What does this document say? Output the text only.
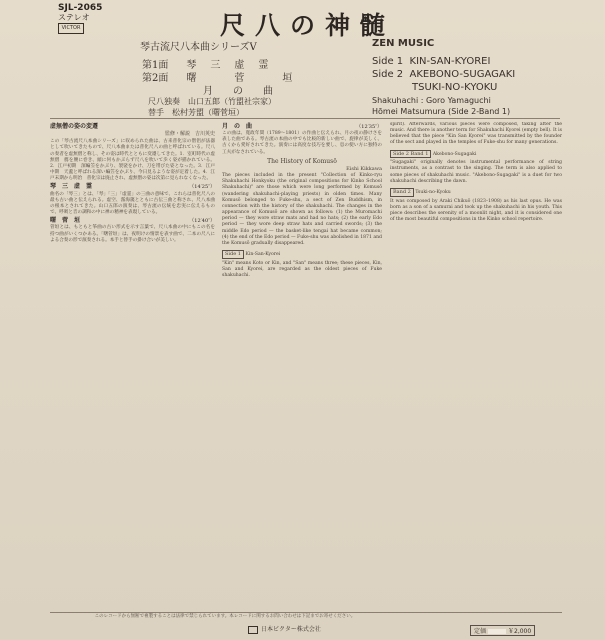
SJL-2065
ステレオ
VICTOR	尺八の神髄
琴古流尺八本曲シリーズV	ZEN MUSIC
第1面 琴　三　虚　霊
第2面 曙　　　菅　　　垣
月　　の　　曲
Side 1 KIN-SAN-KYOREI
Side 2 AKEBONO-SUGAGAKI
TSUKI-NO-KYOKU
尺八独奏　山口五郎（竹盟社宗家）
替手　松村芳盟（曙菅垣）
Shakuhachi : Goro Yamaguchi
Hōmei Matsumura (Side 2-Band 1)
虚無僧の姿の変遷
監修・解説　吉川英史

この「琴古流尺八本曲シリーズ」に収められた曲は、古来普化宗の僧侶が法器として吹いてきたもので、尺八本曲または普化尺八の曲と呼ばれている。尺八の奏者を虚無僧と称し、その姿は時代とともに変遷してきた。1．室町時代の虚無僧　薦を腰に巻き、頭に何もかぶらず尺八を吹いて歩く姿が描かれている。2．江戸初期　深編笠をかぶり、袈裟をかけ、刀を帯びた姿となった。3．江戸中期　天蓋と呼ばれる深い編笠をかぶり、今日見るような姿が定着した。4．江戸末期から明治　普化宗は廃止され、虚無僧の姿は次第に見られなくなった。

琴　三　虚　霊	（14′25″）

曲名の「琴三」とは、「琴」「三」「虚霊」の三曲の意味で、これらは普化尺八の最も古い曲と伝えられる。虚空、霧海篪とともに古伝三曲と称され、尺八本曲の根本とされてきた。山口五郎の演奏は、琴古流の伝統を忠実に伝えるもので、呼吸と音の調和の中に禅の精神を表現している。

曙　菅　垣	（12′40″）

菅垣とは、もともと筝曲の古い形式を示す言葉で、尺八本曲の中にもこの名を持つ曲がいくつかある。「曙菅垣」は、夜明けの情景を表す曲で、二本の尺八による合奏の形で演奏される。本手と替手の掛け合いが美しい。

月　の　曲	（12′35″）

この曲は、寛政年間（1789〜1801）の作曲と伝えられ、月の夜の静けさを表した曲である。琴古流の本曲の中でも比較的新しい曲で、旋律が美しく、古くから愛好されてきた。演奏には高度な技巧を要し、息の使い方に独特の工夫がなされている。

The History of Komusō
Eishi Kikkawa

The pieces included in the present "Collection of Kinko-ryu Shakuhachi Honkyoku (the original compositions for Kinko School Shakuhachi)" are those which were long performed by Komusō (wandering shakuhachi-playing priests) in olden times. Many Komusō belonged to Fuke-shu, a sect of Zen Buddhism, in connection with the history of the shakuhachi. The changes in the appearance of Komusō are shown as follows: (1) the Muromachi period — they wore straw mats and had no hats; (2) the early Edo period — they wore deep straw hats and carried swords; (3) the middle Edo period — the basket-like tengai hat became common; (4) the end of the Edo period — Fuke-shu was abolished in 1871 and the Komusō gradually disappeared.

Side 1 Kin-San-Kyorei

"Kin" means Koto or Kin, and "San" means three; these pieces, Kin, San and Kyorei, are regarded as the oldest pieces of Fuke shakuhachi.

spirit). Afterwards, various pieces were composed, taking after the music. And there is another term for Shakuhachi Kyorei (empty bell). It is believed that the piece "Kin San Kyorei" was transmitted by the founder of the sect and played in the temples of Fuke-shu for many generations.

Side 2 Band 1 Akebono-Sugagaki

"Sugagaki" originally denotes instrumental performance of string instruments, as a contrast to the singing. The term is also applied to some pieces of shakuhachi music. "Akebono-Sugagaki" is a duet for two shakuhachi describing the dawn.

Band 2 Tsuki-no-Kyoku

It was composed by Araki Chikuō (1823–1908) as his last opus. He was born as a son of a samurai and took up the shakuhachi in his youth. This piece describes the serenity of a moonlit night, and it is considered one of the most beautiful compositions in the Kinko school repertoire.

このレコードから無断で複製することは法律で禁じられています。本レコードに関するお問い合わせは下記までお寄せください。
日本ビクター株式会社	定価	￥2,000
